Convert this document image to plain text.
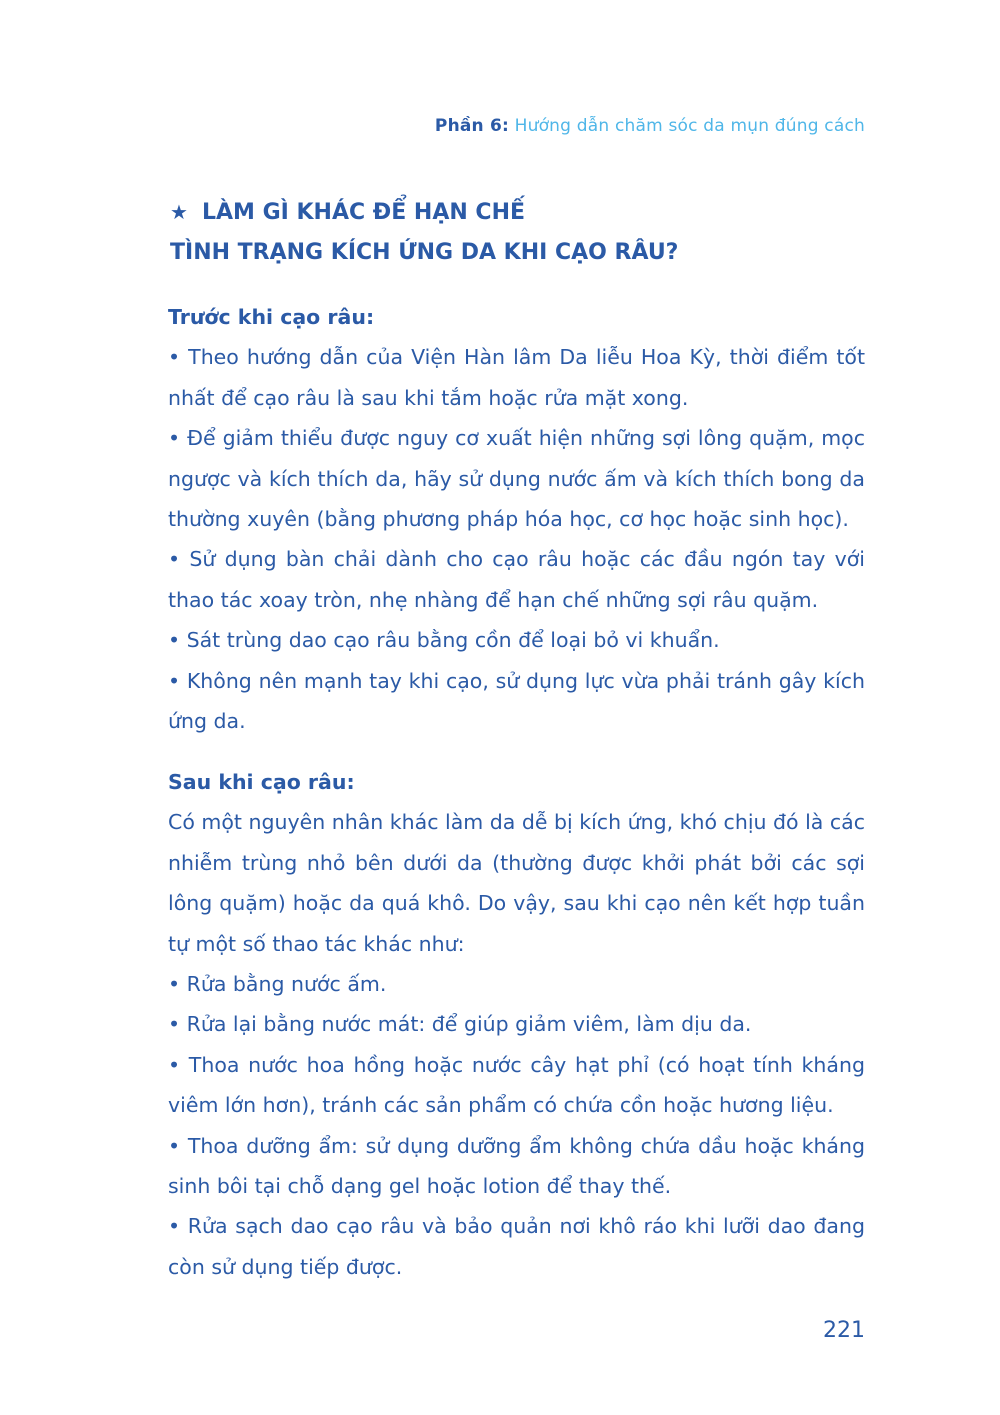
Phần 6: Hướng dẫn chăm sóc da mụn đúng cách
★ LÀM GÌ KHÁC ĐỂ HẠN CHẾ
TÌNH TRẠNG KÍCH ỨNG DA KHI CẠO RÂU?
Trước khi cạo râu:

• Theo hướng dẫn của Viện Hàn lâm Da liễu Hoa Kỳ, thời điểm tốt nhất để cạo râu là sau khi tắm hoặc rửa mặt xong.

• Để giảm thiểu được nguy cơ xuất hiện những sợi lông quặm, mọc ngược và kích thích da, hãy sử dụng nước ấm và kích thích bong da thường xuyên (bằng phương pháp hóa học, cơ học hoặc sinh học).

• Sử dụng bàn chải dành cho cạo râu hoặc các đầu ngón tay với thao tác xoay tròn, nhẹ nhàng để hạn chế những sợi râu quặm.

• Sát trùng dao cạo râu bằng cồn để loại bỏ vi khuẩn.

• Không nên mạnh tay khi cạo, sử dụng lực vừa phải tránh gây kích ứng da.

Sau khi cạo râu:

Có một nguyên nhân khác làm da dễ bị kích ứng, khó chịu đó là các nhiễm trùng nhỏ bên dưới da (thường được khởi phát bởi các sợi lông quặm) hoặc da quá khô. Do vậy, sau khi cạo nên kết hợp tuần tự một số thao tác khác như:

• Rửa bằng nước ấm.

• Rửa lại bằng nước mát: để giúp giảm viêm, làm dịu da.

• Thoa nước hoa hồng hoặc nước cây hạt phỉ (có hoạt tính kháng viêm lớn hơn), tránh các sản phẩm có chứa cồn hoặc hương liệu.

• Thoa dưỡng ẩm: sử dụng dưỡng ẩm không chứa dầu hoặc kháng sinh bôi tại chỗ dạng gel hoặc lotion để thay thế.

• Rửa sạch dao cạo râu và bảo quản nơi khô ráo khi lưỡi dao đang còn sử dụng tiếp được.

221
